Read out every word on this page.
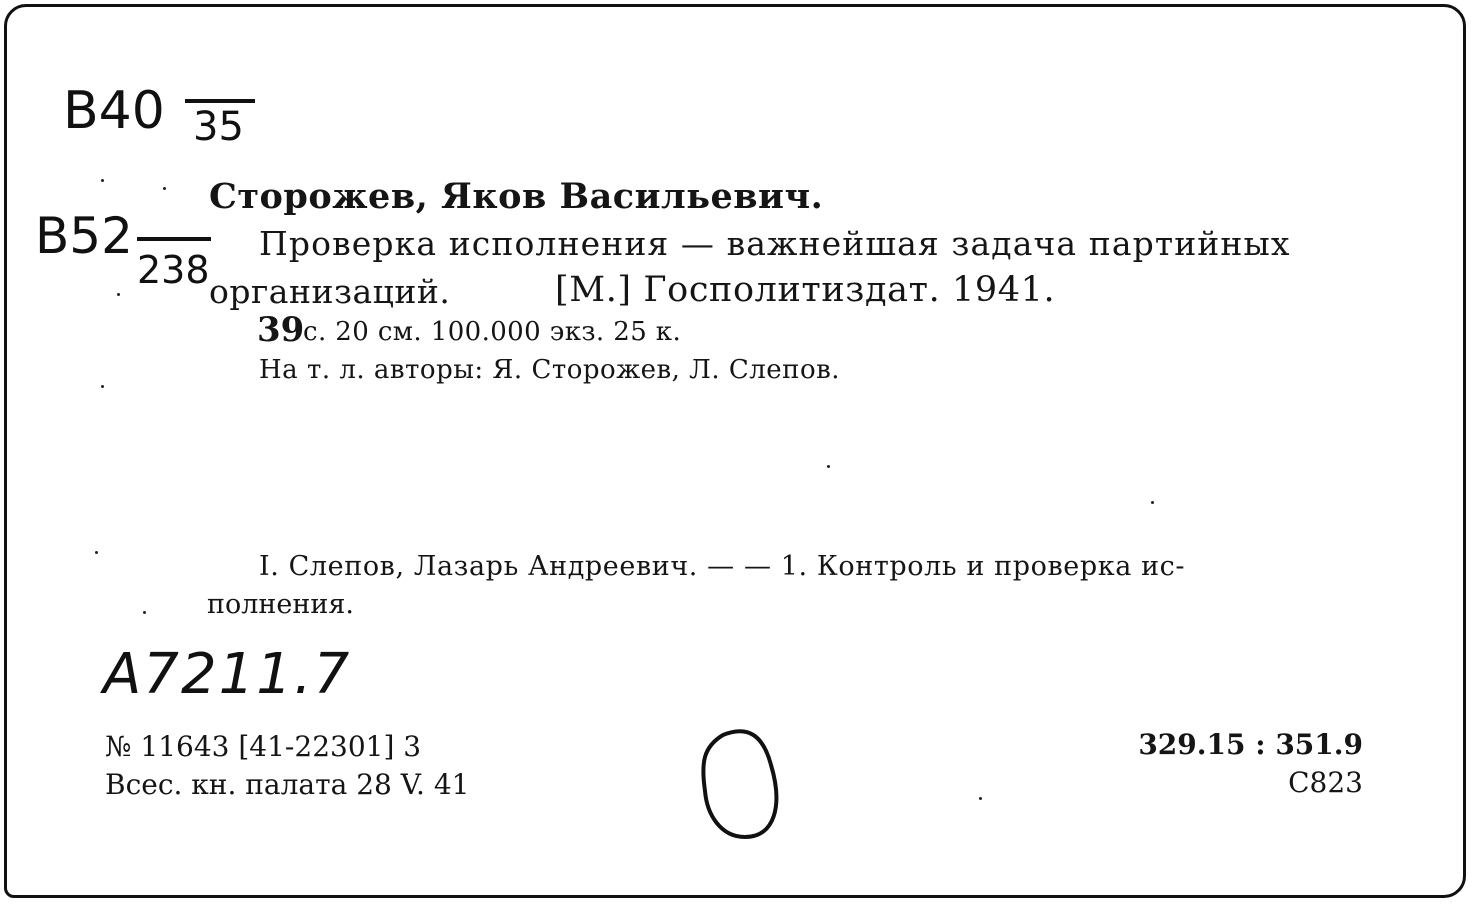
В40 35
В52
238
Сторожев, Яков Васильевич.
Проверка исполнения — важнейшая задача партийных
организаций.	[М.] Госполитиздат. 1941.
39
с. 20 см. 100.000 экз. 25 к.
На т. л. авторы: Я. Сторожев, Л. Слепов.
I. Слепов, Лазарь Андреевич. — — 1. Контроль и проверка ис-
полнения.
А7211.7
№ 11643 [41-22301] 3
Всес. кн. палата 28 V. 41
329.15 : 351.9
С823
